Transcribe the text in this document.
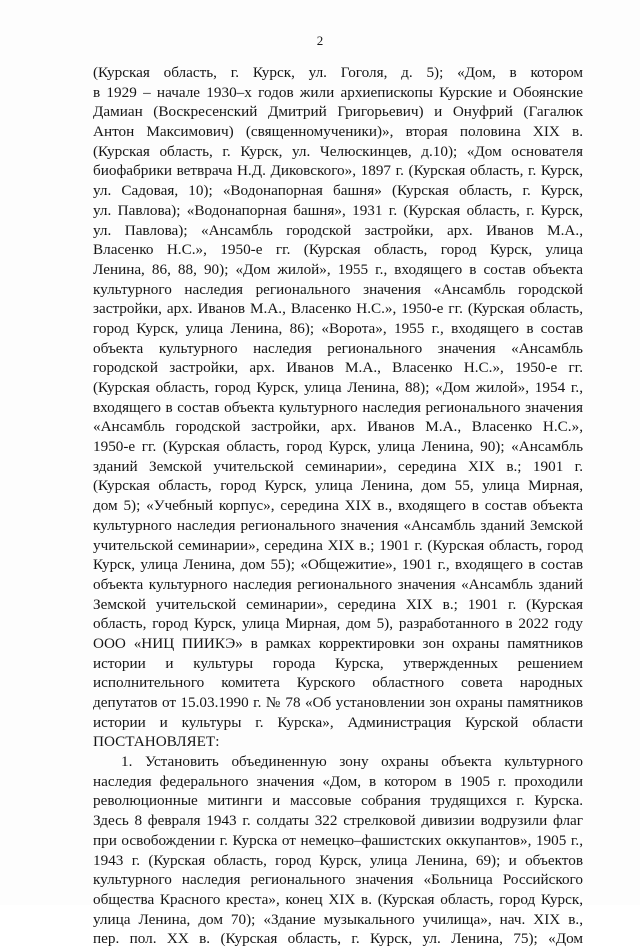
2
(Курская область, г. Курск, ул. Гоголя, д. 5); «Дом, в котором
в 1929 – начале 1930–х годов жили архиепископы Курские и Обоянские
Дамиан (Воскресенский Дмитрий Григорьевич) и Онуфрий (Гагалюк
Антон Максимович) (священномученики)», вторая половина XIX в.
(Курская область, г. Курск, ул. Челюскинцев, д.10); «Дом основателя
биофабрики ветврача Н.Д. Диковского», 1897 г. (Курская область, г. Курск,
ул. Садовая, 10); «Водонапорная башня» (Курская область, г. Курск,
ул. Павлова); «Водонапорная башня», 1931 г. (Курская область, г. Курск,
ул. Павлова); «Ансамбль городской застройки, арх. Иванов М.А.,
Власенко Н.С.», 1950-е гг. (Курская область, город Курск, улица
Ленина, 86, 88, 90); «Дом жилой», 1955 г., входящего в состав объекта
культурного наследия регионального значения «Ансамбль городской
застройки, арх. Иванов М.А., Власенко Н.С.», 1950-е гг. (Курская область,
город Курск, улица Ленина, 86); «Ворота», 1955 г., входящего в состав
объекта культурного наследия регионального значения «Ансамбль
городской застройки, арх. Иванов М.А., Власенко Н.С.», 1950-е гг.
(Курская область, город Курск, улица Ленина, 88); «Дом жилой», 1954 г.,
входящего в состав объекта культурного наследия регионального значения
«Ансамбль городской застройки, арх. Иванов М.А., Власенко Н.С.»,
1950-е гг. (Курская область, город Курск, улица Ленина, 90); «Ансамбль
зданий Земской учительской семинарии», середина XIX в.; 1901 г.
(Курская область, город Курск, улица Ленина, дом 55, улица Мирная,
дом 5); «Учебный корпус», середина XIX в., входящего в состав объекта
культурного наследия регионального значения «Ансамбль зданий Земской
учительской семинарии», середина XIX в.; 1901 г. (Курская область, город
Курск, улица Ленина, дом 55); «Общежитие», 1901 г., входящего в состав
объекта культурного наследия регионального значения «Ансамбль зданий
Земской учительской семинарии», середина XIX в.; 1901 г. (Курская
область, город Курск, улица Мирная, дом 5), разработанного в 2022 году
ООО «НИЦ ПИИКЭ» в рамках корректировки зон охраны памятников
истории и культуры города Курска, утвержденных решением
исполнительного комитета Курского областного совета народных
депутатов от 15.03.1990 г. № 78 «Об установлении зон охраны памятников
истории и культуры г. Курска», Администрация Курской области
ПОСТАНОВЛЯЕТ:
1. Установить объединенную зону охраны объекта культурного
наследия федерального значения «Дом, в котором в 1905 г. проходили
революционные митинги и массовые собрания трудящихся г. Курска.
Здесь 8 февраля 1943 г. солдаты 322 стрелковой дивизии водрузили флаг
при освобождении г. Курска от немецко–фашистских оккупантов», 1905 г.,
1943 г. (Курская область, город Курск, улица Ленина, 69); и объектов
культурного наследия регионального значения «Больница Российского
общества Красного креста», конец XIX в. (Курская область, город Курск,
улица Ленина, дом 70); «Здание музыкального училища», нач. XIX в.,
пер. пол. XX в. (Курская область, г. Курск, ул. Ленина, 75); «Дом
